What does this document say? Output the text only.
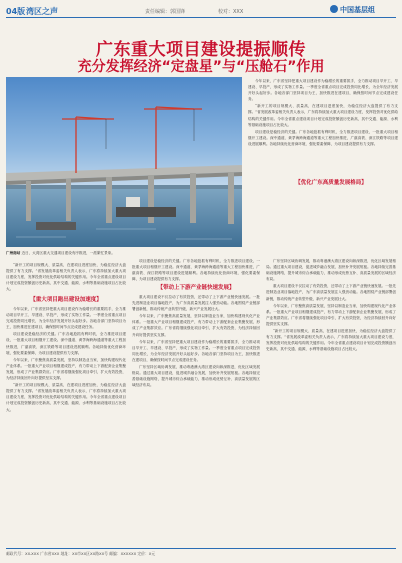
04版 湾区之声	责任编辑：郭国锋	校对：XXX	中国基层组
广东重大项目建设提振顺传
充分发挥经济“定盘星”与“压舱石”作用
广州南站 近日，大湾区重大交通项目建设有序推进，一派繁忙景象。

今年以来，广东省坚持把重大项目建设作为稳增长的重要抓手，全力推动项目早开工、早建设、早投产，形成了实物工作量。一季度全省重点项目完成投资同比增长，为全年经济发展开好头起好步。各地各部门坚持项目为王，加快推进在建项目，确保按时间节点完成建设任务。

“新开工的项目规模大、质量高，在建项目进度加快，为稳住经济大盘提供了有力支撑。”省发展改革委相关负责人表示，广东将持续加大重大项目建设力度，发挥投资对优化供给结构的关键作用。今年全省重点建设项目计划完成投资额创历史新高，其中交通、能源、水利等基础设施项目占比较大。

项目建设是稳经济的关键。广东各地抢抓有利时机，全力推进项目建设，一批重大项目相继开工建设。深中通道、黄茅海跨海通道等重大工程加快推进，广湛高铁、深江铁路等项目建设进展顺利。各地持续优化营商环境，强化要素保障，为项目建设提供有力支撑。

“新开工的项目规模大、质量高，在建项目进度加快，为稳住经济大盘提供了有力支撑。”省发展改革委相关负责人表示，广东将持续加大重大项目建设力度，发挥投资对优化供给结构的关键作用。今年全省重点建设项目计划完成投资额创历史新高，其中交通、能源、水利等基础设施项目占比较大。

【重大项目跑出建设加速度】

今年以来，广东省坚持把重大项目建设作为稳增长的重要抓手，全力推动项目早开工、早建设、早投产，形成了实物工作量。一季度全省重点项目完成投资同比增长，为全年经济发展开好头起好步。各地各部门坚持项目为王，加快推进在建项目，确保按时间节点完成建设任务。

项目建设是稳经济的关键。广东各地抢抓有利时机，全力推进项目建设，一批重大项目相继开工建设。深中通道、黄茅海跨海通道等重大工程加快推进，广湛高铁、深江铁路等项目建设进展顺利。各地持续优化营商环境，强化要素保障，为项目建设提供有力支撑。

今年以来，广东聚焦高质量发展，坚持以制造业当家，加快构建现代化产业体系。一批重大产业项目相继建成投产，有力带动上下游配套企业集聚发展，形成了产业集群效应。广东省将继续强化项目牵引，扩大有效投资，为经济持续回升向好提供坚实支撑。

“新开工的项目规模大、质量高，在建项目进度加快，为稳住经济大盘提供了有力支撑。”省发展改革委相关负责人表示，广东将持续加大重大项目建设力度，发挥投资对优化供给结构的关键作用。今年全省重点建设项目计划完成投资额创历史新高，其中交通、能源、水利等基础设施项目占比较大。

项目建设是稳经济的关键。广东各地抢抓有利时机，全力推进项目建设，一批重大项目相继开工建设。深中通道、黄茅海跨海通道等重大工程加快推进，广湛高铁、深江铁路等项目建设进展顺利。各地持续优化营商环境，强化要素保障，为项目建设提供有力支撑。

【带动上下游产业链快速发展】

重大项目建设不仅拉动了有效投资，还带动了上下游产业链快速发展。一批先进制造业项目落地投产，为广东高质量发展注入强劲动能。各地围绕产业链部署创新链，推动传统产业转型升级，新兴产业发展壮大。

今年以来，广东聚焦高质量发展，坚持以制造业当家，加快构建现代化产业体系。一批重大产业项目相继建成投产，有力带动上下游配套企业集聚发展，形成了产业集群效应。广东省将继续强化项目牵引，扩大有效投资，为经济持续回升向好提供坚实支撑。

今年以来，广东省坚持把重大项目建设作为稳增长的重要抓手，全力推动项目早开工、早建设、早投产，形成了实物工作量。一季度全省重点项目完成投资同比增长，为全年经济发展开好头起好步。各地各部门坚持项目为王，加快推进在建项目，确保按时间节点完成建设任务。

广东坚持区域协调发展，推动粤港澳大湾区建设向纵深推进，优化区域发展格局。通过重大项目建设，促进城乡融合发展，加快补齐发展短板。各地持续完善基础设施网络，提升城市综合承载能力，推动形成优势互补、高质量发展的区域经济布局。

【优化广东高质量发展格局】

广东坚持区域协调发展，推动粤港澳大湾区建设向纵深推进，优化区域发展格局。通过重大项目建设，促进城乡融合发展，加快补齐发展短板。各地持续完善基础设施网络，提升城市综合承载能力，推动形成优势互补、高质量发展的区域经济布局。

重大项目建设不仅拉动了有效投资，还带动了上下游产业链快速发展。一批先进制造业项目落地投产，为广东高质量发展注入强劲动能。各地围绕产业链部署创新链，推动传统产业转型升级，新兴产业发展壮大。

今年以来，广东聚焦高质量发展，坚持以制造业当家，加快构建现代化产业体系。一批重大产业项目相继建成投产，有力带动上下游配套企业集聚发展，形成了产业集群效应。广东省将继续强化项目牵引，扩大有效投资，为经济持续回升向好提供坚实支撑。

“新开工的项目规模大、质量高，在建项目进度加快，为稳住经济大盘提供了有力支撑。”省发展改革委相关负责人表示，广东将持续加大重大项目建设力度，发挥投资对优化供给结构的关键作用。今年全省重点建设项目计划完成投资额创历史新高，其中交通、能源、水利等基础设施项目占比较大。

邮政代号：XX-XXX 广东省XXX 地址：XX市XX区XX路XX号 邮编：XXXXXX 定价：X元
